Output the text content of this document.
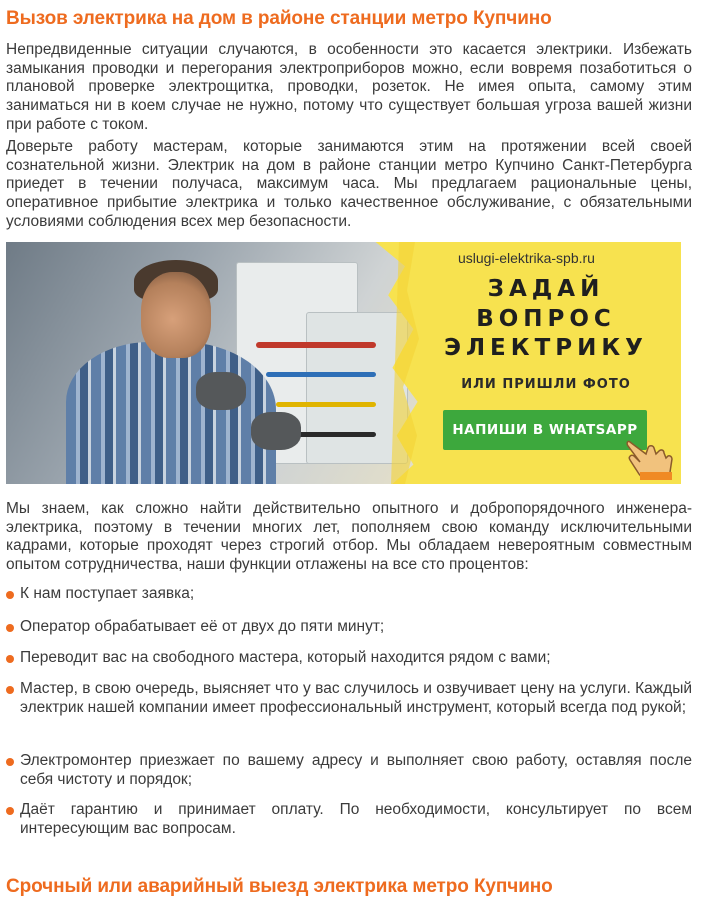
Вызов электрика на дом в районе станции метро Купчино

Непредвиденные ситуации случаются, в особенности это касается электрики. Избежать замыкания проводки и перегорания электроприборов можно, если вовремя позаботиться о плановой проверке электрощитка, проводки, розеток. Не имея опыта, самому этим заниматься ни в коем случае не нужно, потому что существует большая угроза вашей жизни при работе с током.

Доверьте работу мастерам, которые занимаются этим на протяжении всей своей сознательной жизни. Электрик на дом в районе станции метро Купчино Санкт-Петербурга приедет в течении получаса, максимум часа. Мы предлагаем рациональные цены, оперативное прибытие электрика и только качественное обслуживание, с обязательными условиями соблюдения всех мер безопасности.

uslugi-elektrika-spb.ru
ЗАДАЙ
ВОПРОС
ЭЛЕКТРИКУ
ИЛИ ПРИШЛИ ФОТО
НАПИШИ В WHATSAPP

Мы знаем, как сложно найти действительно опытного и добропорядочного инженера-электрика, поэтому в течении многих лет, пополняем свою команду исключительными кадрами, которые проходят через строгий отбор. Мы обладаем невероятным совместным опытом сотрудничества, наши функции отлажены на все сто процентов:

К нам поступает заявка;
Оператор обрабатывает её от двух до пяти минут;
Переводит вас на свободного мастера, который находится рядом с вами;
Мастер, в свою очередь, выясняет что у вас случилось и озвучивает цену на услуги. Каждый электрик нашей компании имеет профессиональный инструмент, который всегда под рукой;
Электромонтер приезжает по вашему адресу и выполняет свою работу, оставляя после себя чистоту и порядок;
Даёт гарантию и принимает оплату. По необходимости, консультирует по всем интересующим вас вопросам.
Срочный или аварийный выезд электрика метро Купчино
